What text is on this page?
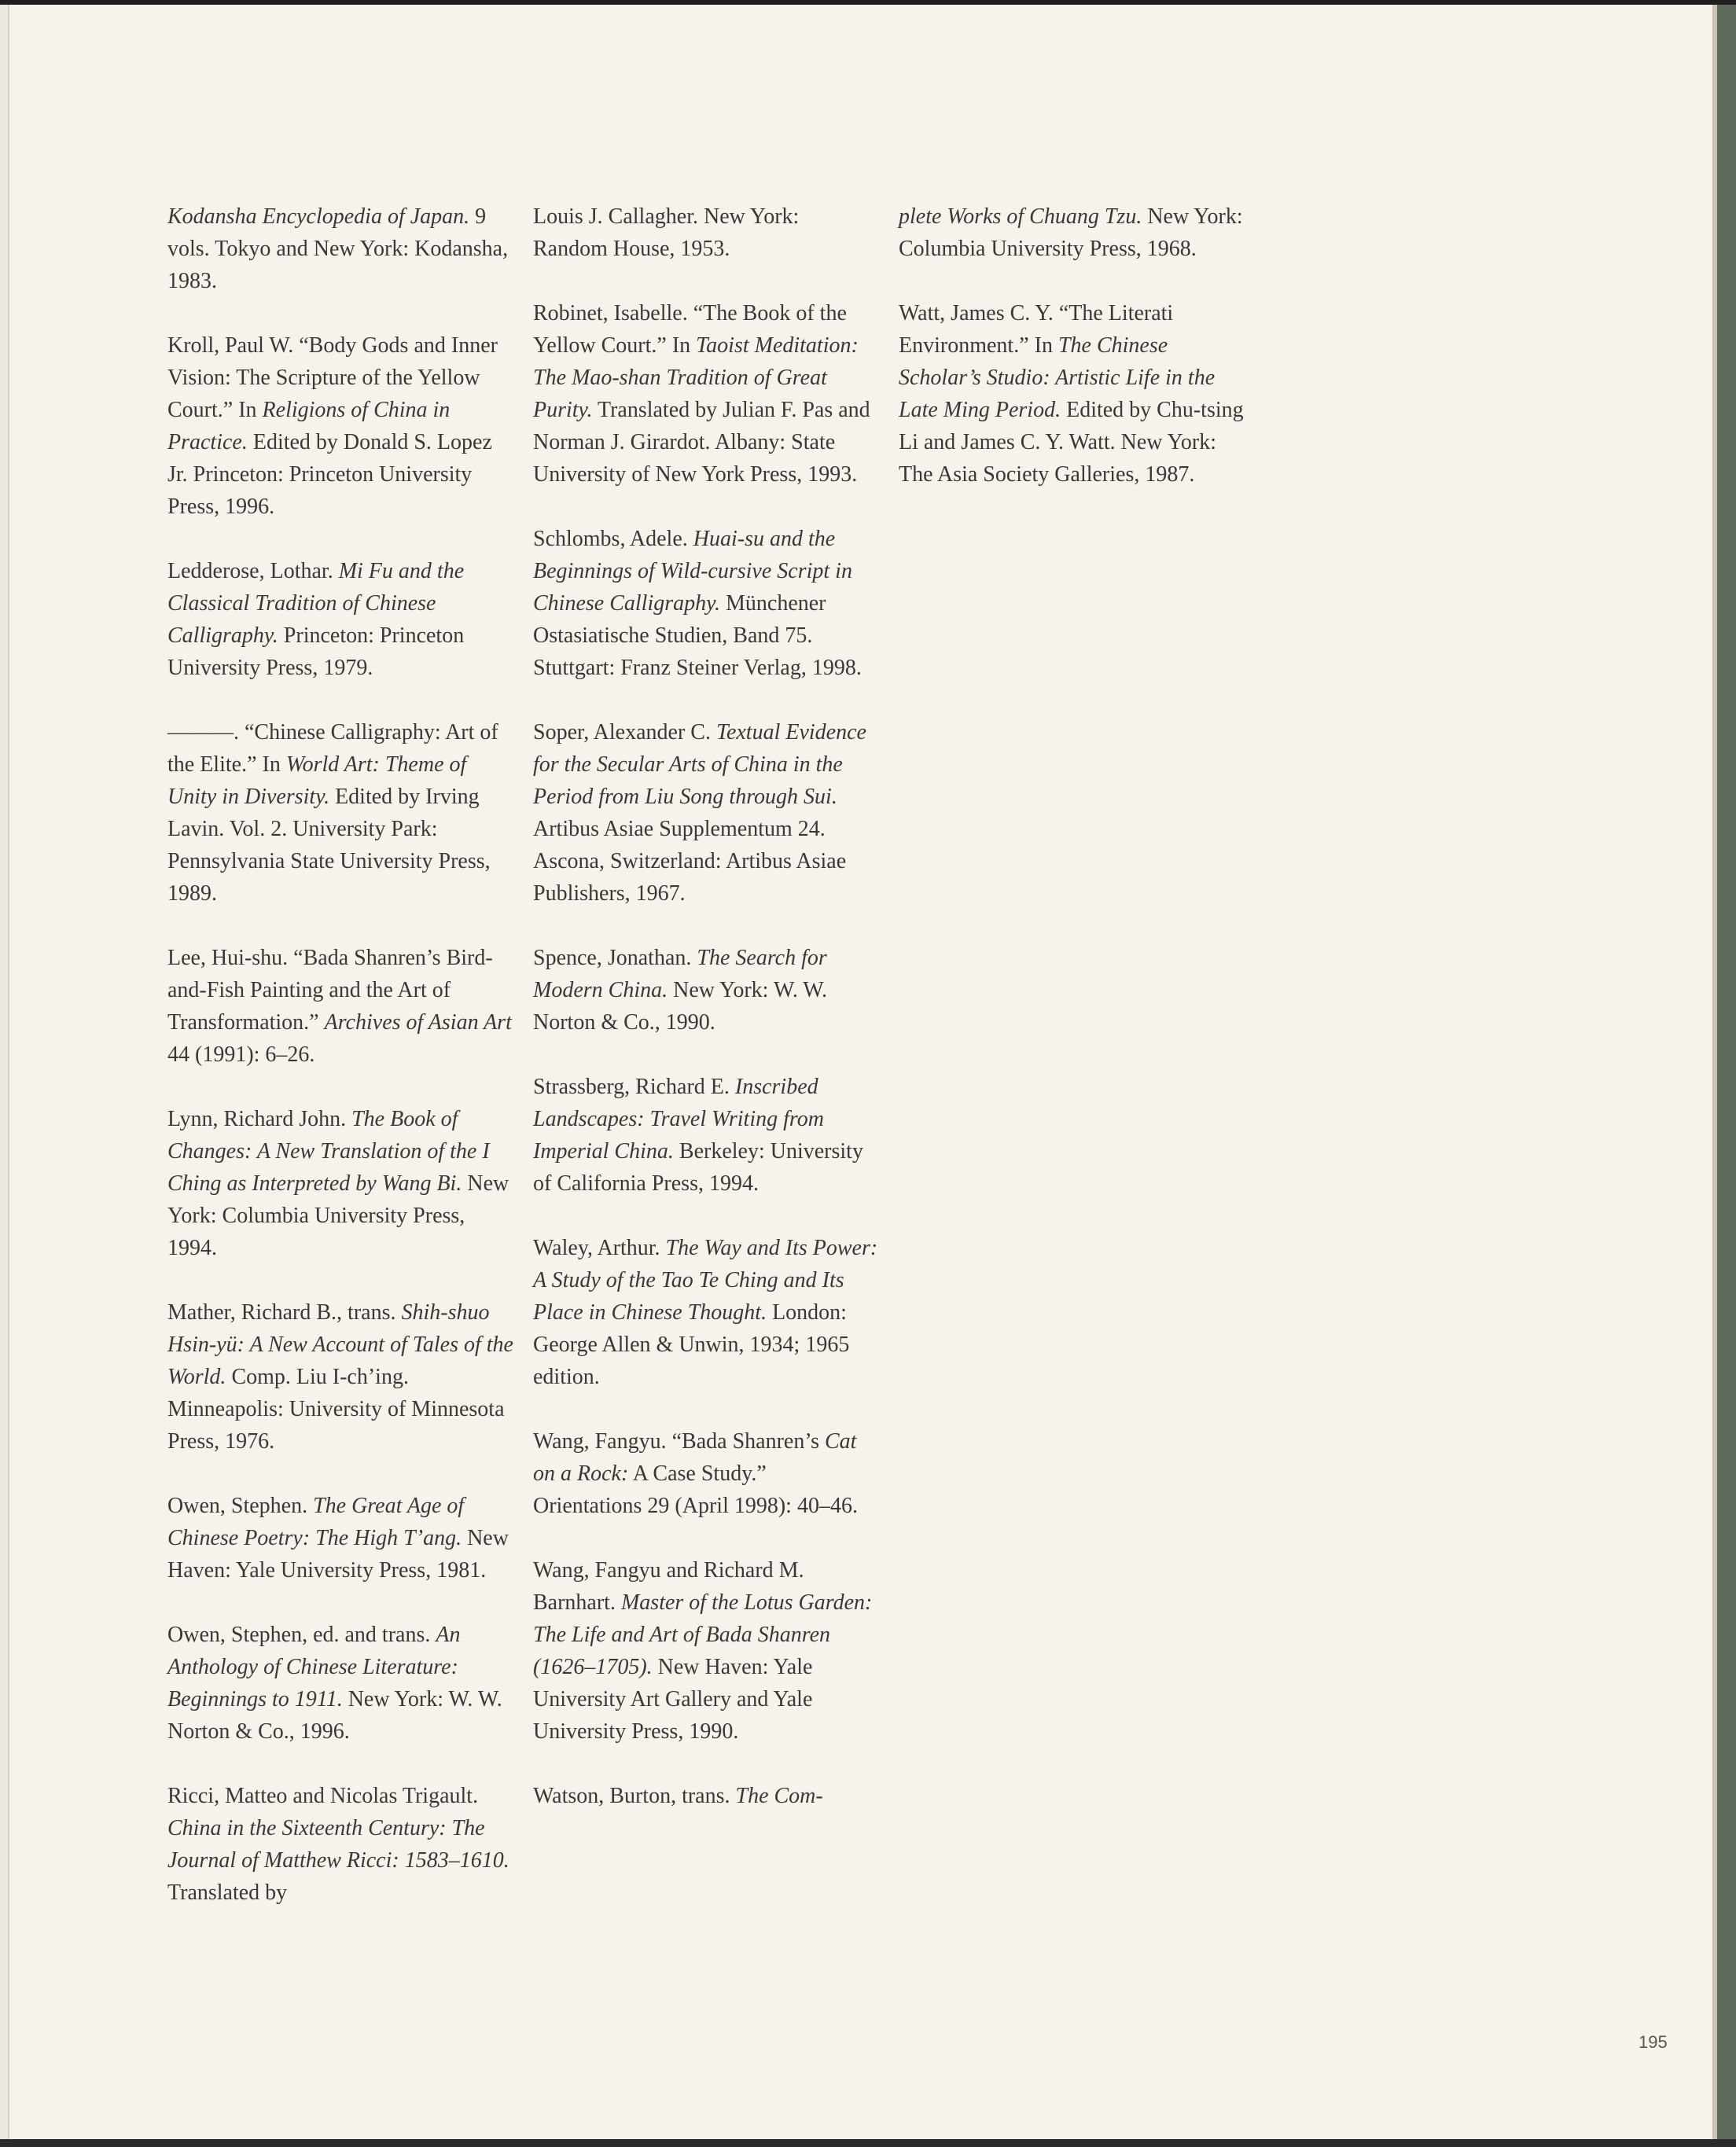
Kodansha Encyclopedia of Japan. 9 vols. Tokyo and New York: Kodansha, 1983.

Kroll, Paul W. “Body Gods and Inner Vision: The Scripture of the Yellow Court.” In Religions of China in Practice. Edited by Donald S. Lopez Jr. Princeton: Princeton University Press, 1996.

Ledderose, Lothar. Mi Fu and the Classical Tradition of Chinese Calligraphy. Princeton: Princeton University Press, 1979.

———. “Chinese Calligraphy: Art of the Elite.” In World Art: Theme of Unity in Diversity. Edited by Irving Lavin. Vol. 2. University Park: Pennsylvania State University Press, 1989.

Lee, Hui-shu. “Bada Shanren’s Bird-and-Fish Painting and the Art of Transformation.” Archives of Asian Art 44 (1991): 6–26.

Lynn, Richard John. The Book of Changes: A New Translation of the I Ching as Interpreted by Wang Bi. New York: Columbia University Press, 1994.

Mather, Richard B., trans. Shih-shuo Hsin-yü: A New Account of Tales of the World. Comp. Liu I-ch’ing. Minneapolis: University of Minnesota Press, 1976.

Owen, Stephen. The Great Age of Chinese Poetry: The High T’ang. New Haven: Yale University Press, 1981.

Owen, Stephen, ed. and trans. An Anthology of Chinese Literature: Beginnings to 1911. New York: W. W. Norton & Co., 1996.

Ricci, Matteo and Nicolas Trigault. China in the Sixteenth Century: The Journal of Matthew Ricci: 1583–1610. Translated by

Louis J. Callagher. New York: Random House, 1953.

Robinet, Isabelle. “The Book of the Yellow Court.” In Taoist Meditation: The Mao-shan Tradition of Great Purity. Translated by Julian F. Pas and Norman J. Girardot. Albany: State University of New York Press, 1993.

Schlombs, Adele. Huai-su and the Beginnings of Wild-cursive Script in Chinese Calligraphy. Münchener Ostasiatische Studien, Band 75. Stuttgart: Franz Steiner Verlag, 1998.

Soper, Alexander C. Textual Evidence for the Secular Arts of China in the Period from Liu Song through Sui. Artibus Asiae Supplementum 24. Ascona, Switzerland: Artibus Asiae Publishers, 1967.

Spence, Jonathan. The Search for Modern China. New York: W. W. Norton & Co., 1990.

Strassberg, Richard E. Inscribed Landscapes: Travel Writing from Imperial China. Berkeley: University of California Press, 1994.

Waley, Arthur. The Way and Its Power: A Study of the Tao Te Ching and Its Place in Chinese Thought. London: George Allen & Unwin, 1934; 1965 edition.

Wang, Fangyu. “Bada Shanren’s Cat on a Rock: A Case Study.” Orientations 29 (April 1998): 40–46.

Wang, Fangyu and Richard M. Barnhart. Master of the Lotus Garden: The Life and Art of Bada Shanren (1626–1705). New Haven: Yale University Art Gallery and Yale University Press, 1990.

Watson, Burton, trans. The Com-

plete Works of Chuang Tzu. New York: Columbia University Press, 1968.

Watt, James C. Y. “The Literati Environment.” In The Chinese Scholar’s Studio: Artistic Life in the Late Ming Period. Edited by Chu-tsing Li and James C. Y. Watt. New York: The Asia Society Galleries, 1987.

195
